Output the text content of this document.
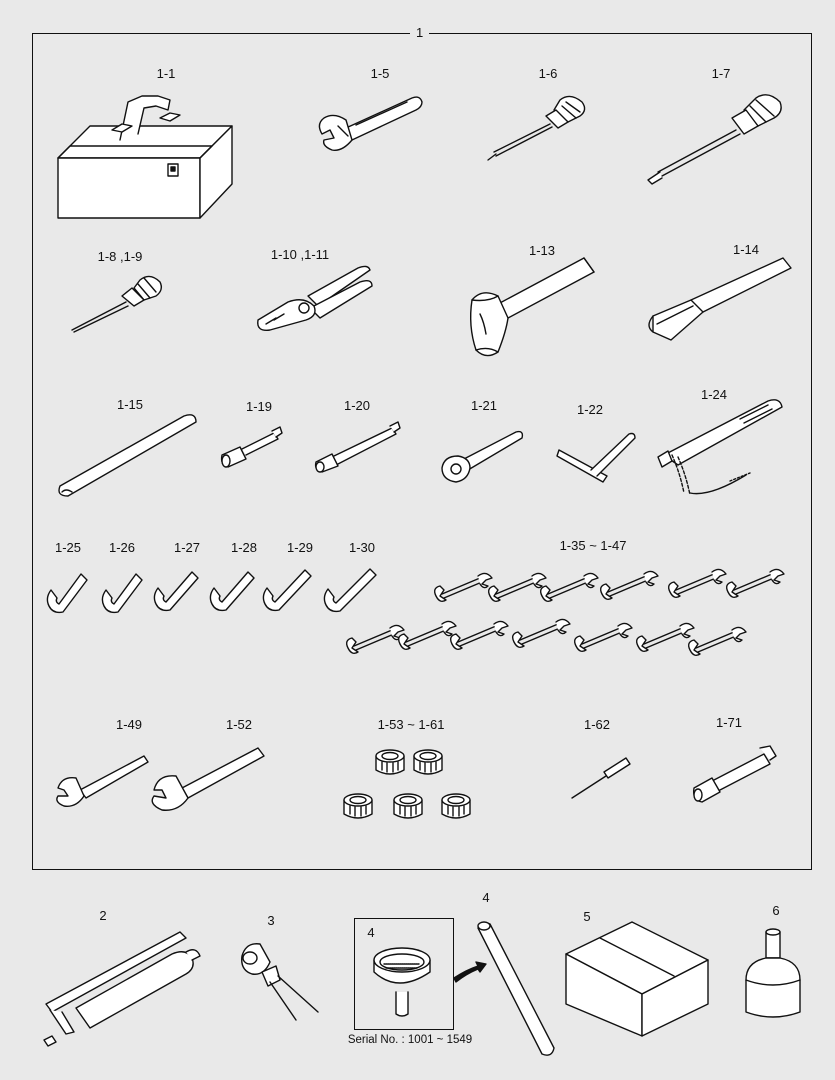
1
1-1	1-5	1-6	1-7
1-8 ,1-9	1-10 ,1-11	1-13	1-14
1-15	1-19	1-20	1-21	1-22
1-24
1-25 1-26	1-27 1-28 1-29	1-30	1-35 ~ 1-47
1-49	1-52	1-53 ~ 1-61	1-62	1-71
2	3
4
4
5	6
Serial No. : 1001 ~ 1549
